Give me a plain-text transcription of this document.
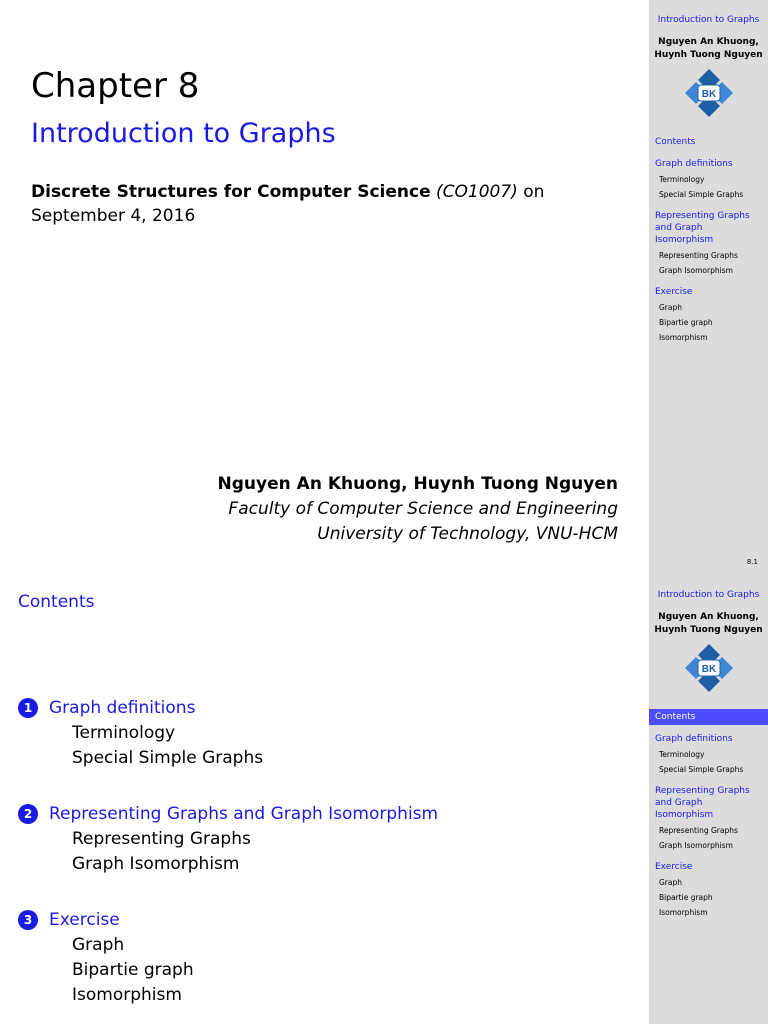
Chapter 8
Introduction to Graphs
Discrete Structures for Computer Science (CO1007) on
September 4, 2016
Nguyen An Khuong, Huynh Tuong Nguyen
Faculty of Computer Science and Engineering
University of Technology, VNU-HCM
Introduction to Graphs
Nguyen An Khuong,
Huynh Tuong Nguyen
BK
Contents
Graph definitions
Terminology
Special Simple Graphs
Representing Graphs
and Graph
Isomorphism
Representing Graphs
Graph Isomorphism
Exercise
Graph
Bipartie graph
Isomorphism
8.1
Contents
1 Graph definitions
Terminology
Special Simple Graphs
2 Representing Graphs and Graph Isomorphism
Representing Graphs
Graph Isomorphism
3 Exercise
Graph
Bipartie graph
Isomorphism
Introduction to Graphs
Nguyen An Khuong,
Huynh Tuong Nguyen
BK
Contents
Graph definitions
Terminology
Special Simple Graphs
Representing Graphs
and Graph
Isomorphism
Representing Graphs
Graph Isomorphism
Exercise
Graph
Bipartie graph
Isomorphism
